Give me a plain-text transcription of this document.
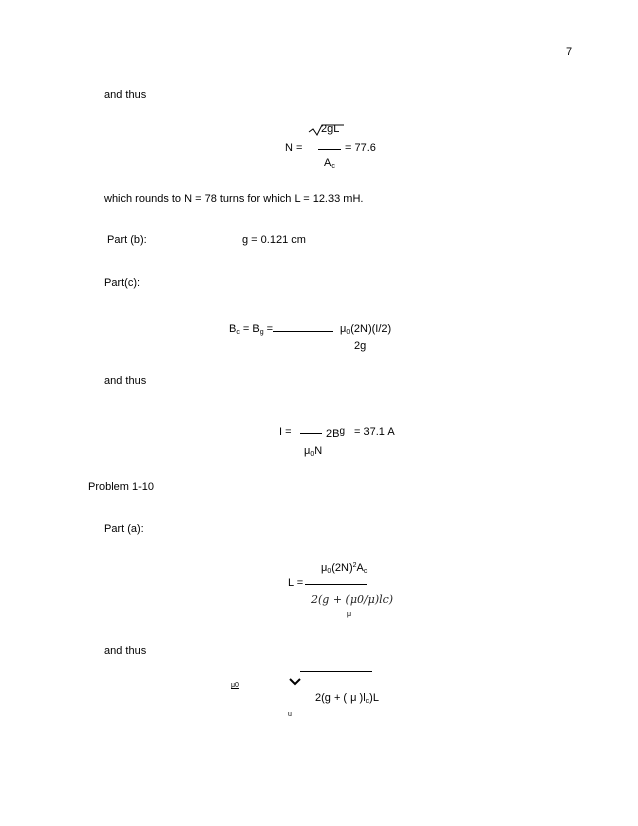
7
and thus
2gL
N =	= 77.6
$A_c$
which rounds to N = 78 turns for which L = 12.33 mH.
Part (b):	g = 0.121 cm
Part(c):
$B_c = B_g$ =	$\mu_0(2N)(I/2)$
2g
and thus
I =	2Bg = 37.1 A
$\mu_0N$
Problem 1-10
Part (a):
$\mu_0(2N)^2A_c$
L =
2(g + (μ0/μ)lc)
μ
and thus
μ0
2(g + ( μ )$l_c)L$
u
